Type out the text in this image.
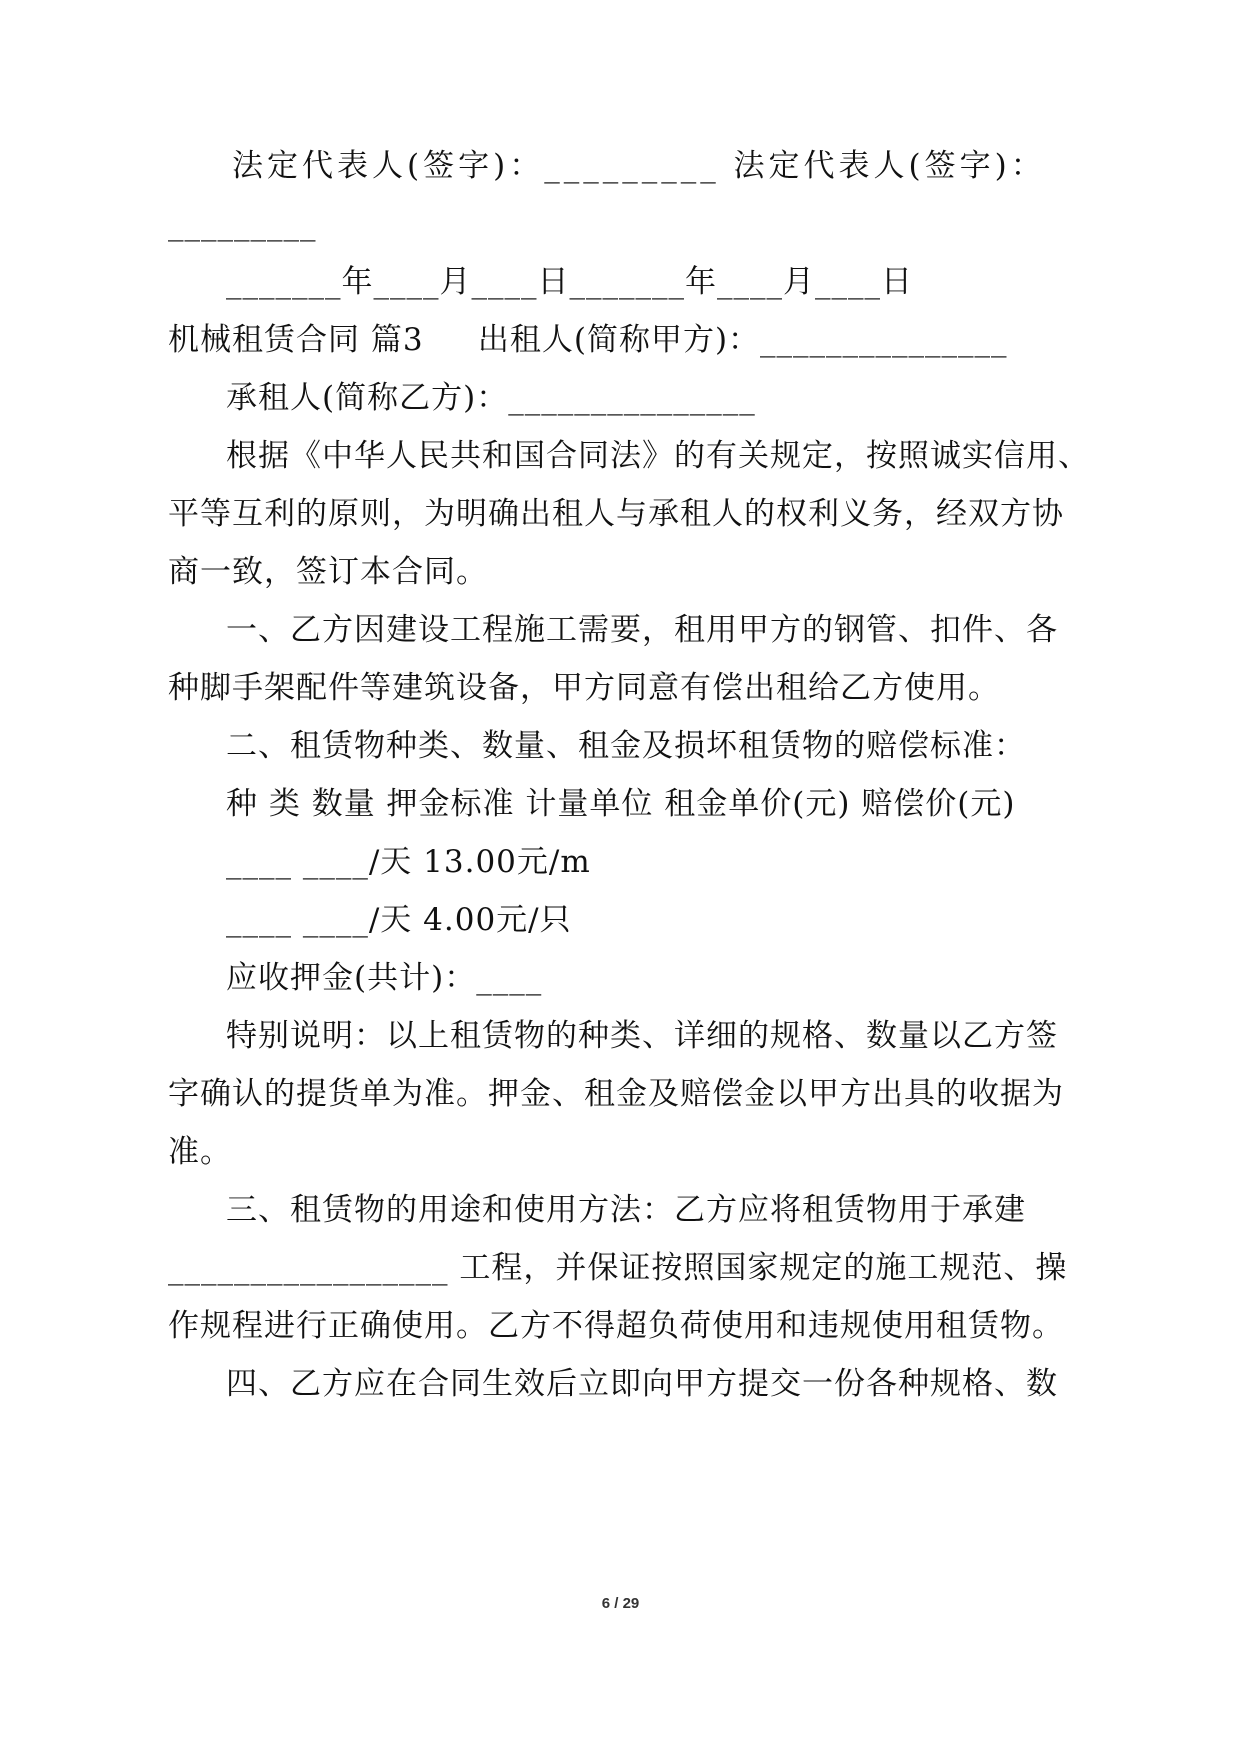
法定代表人(签字)：_________ 法定代表人(签字)：
_________
_______年____月____日_______年____月____日
机械租赁合同 篇3     出租人(简称甲方)：_______________
承租人(简称乙方)：_______________
根据《中华人民共和国合同法》的有关规定，按照诚实信用、
平等互利的原则，为明确出租人与承租人的权利义务，经双方协
商一致，签订本合同。
一、乙方因建设工程施工需要，租用甲方的钢管、扣件、各
种脚手架配件等建筑设备，甲方同意有偿出租给乙方使用。
二、租赁物种类、数量、租金及损坏租赁物的赔偿标准：
种 类 数量 押金标准 计量单位 租金单价(元) 赔偿价(元)
____ ____/天 13.00元/m
____ ____/天 4.00元/只
应收押金(共计)：____
特别说明：以上租赁物的种类、详细的规格、数量以乙方签
字确认的提货单为准。押金、租金及赔偿金以甲方出具的收据为
准。
三、租赁物的用途和使用方法：乙方应将租赁物用于承建
_________________ 工程，并保证按照国家规定的施工规范、操
作规程进行正确使用。乙方不得超负荷使用和违规使用租赁物。
四、乙方应在合同生效后立即向甲方提交一份各种规格、数
6 / 29
